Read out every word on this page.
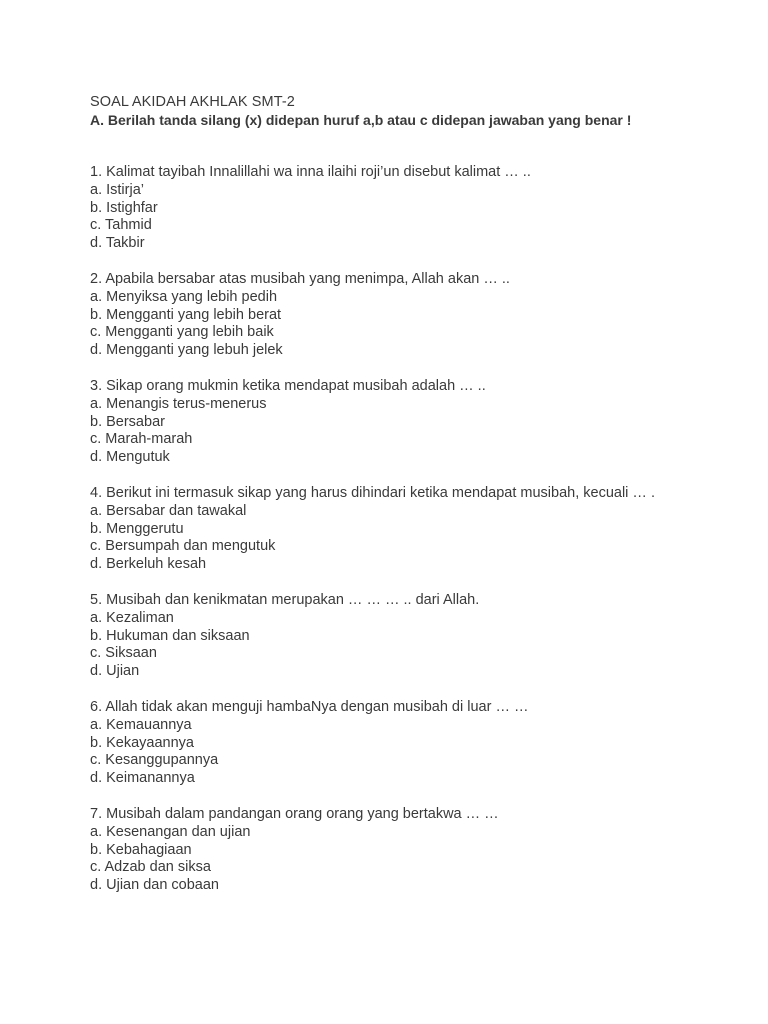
SOAL AKIDAH AKHLAK SMT-2
A. Berilah tanda silang (x) didepan huruf a,b atau c didepan jawaban yang benar !
1. Kalimat tayibah Innalillahi wa inna ilaihi roji’un disebut kalimat … ..
a. Istirja’
b. Istighfar
c. Tahmid
d. Takbir
2. Apabila bersabar atas musibah yang menimpa, Allah akan … ..
a. Menyiksa yang lebih pedih
b. Mengganti yang lebih berat
c. Mengganti yang lebih baik
d. Mengganti yang lebuh jelek
3. Sikap orang mukmin ketika mendapat musibah adalah … ..
a. Menangis terus-menerus
b. Bersabar
c. Marah-marah
d. Mengutuk
4. Berikut ini termasuk sikap yang harus dihindari ketika mendapat musibah, kecuali … .
a. Bersabar dan tawakal
b. Menggerutu
c. Bersumpah dan mengutuk
d. Berkeluh kesah
5. Musibah dan kenikmatan merupakan … … … .. dari Allah.
a. Kezaliman
b. Hukuman dan siksaan
c. Siksaan
d. Ujian
6. Allah tidak akan menguji hambaNya dengan musibah di luar … …
a. Kemauannya
b. Kekayaannya
c. Kesanggupannya
d. Keimanannya
7. Musibah dalam pandangan orang orang yang bertakwa … …
a. Kesenangan dan ujian
b. Kebahagiaan
c. Adzab dan siksa
d. Ujian dan cobaan
